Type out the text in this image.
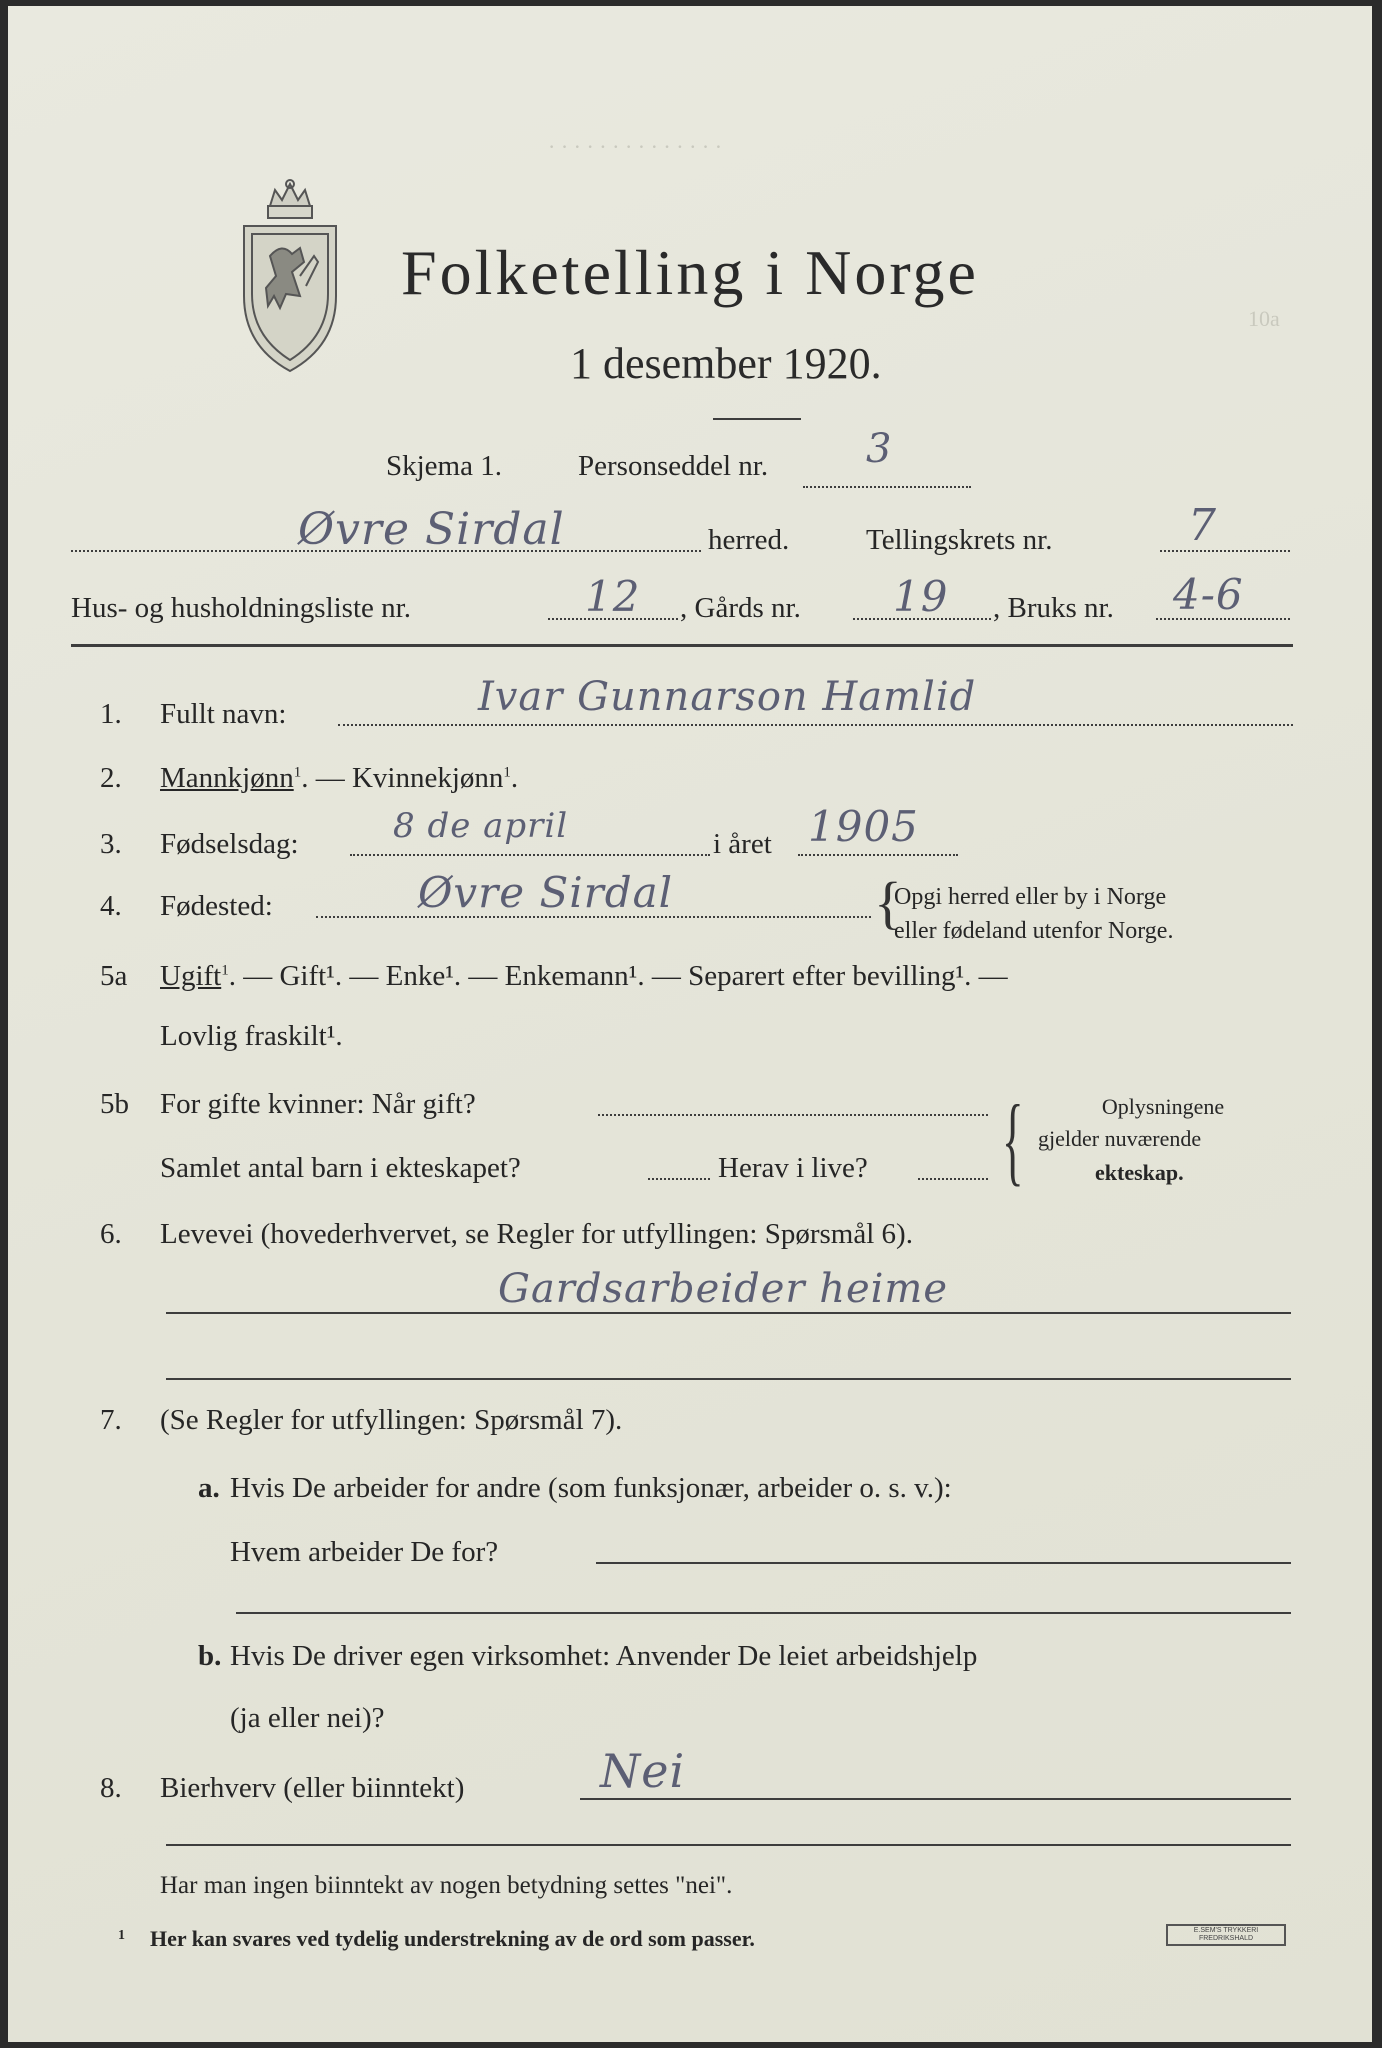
· · · · · · · · · · · · · ·
10a
Folketelling i Norge
1 desember 1920.
Skjema 1.	Personseddel nr. 3
Øvre Sirdal	herred.	Tellingskrets nr.	7
Hus- og husholdningsliste nr.	12 , Gårds nr. 19 , Bruks nr. 4-6
1. Fullt navn:	Ivar Gunnarson Hamlid
2. Mannkjønn$^1$. — Kvinnekjønn$^1$.
3. Fødselsdag:	8 de april	i året 1905
4. Fødested:	Øvre Sirdal	{
Opgi herred eller by i Norge
eller fødeland utenfor Norge.
5a Ugift$^1$. — Gift¹. — Enke¹. — Enkemann¹. — Separert efter bevilling¹. —
Lovlig fraskilt¹.
5b For gifte kvinner: Når gift?
Samlet antal barn i ekteskapet?	Herav i live? {	Oplysningene
gjelder nuværende
ekteskap.
6. Levevei (hovederhvervet, se Regler for utfyllingen: Spørsmål 6).
Gardsarbeider heime
7. (Se Regler for utfyllingen: Spørsmål 7).
a. Hvis De arbeider for andre (som funksjonær, arbeider o. s. v.):
Hvem arbeider De for?
b. Hvis De driver egen virksomhet: Anvender De leiet arbeidshjelp
(ja eller nei)?
8. Bierhverv (eller biinntekt)	Nei
Har man ingen biinntekt av nogen betydning settes "nei".
1 Her kan svares ved tydelig understrekning av de ord som passer.	E.SEM'S TRYKKERI
FREDRIKSHALD
